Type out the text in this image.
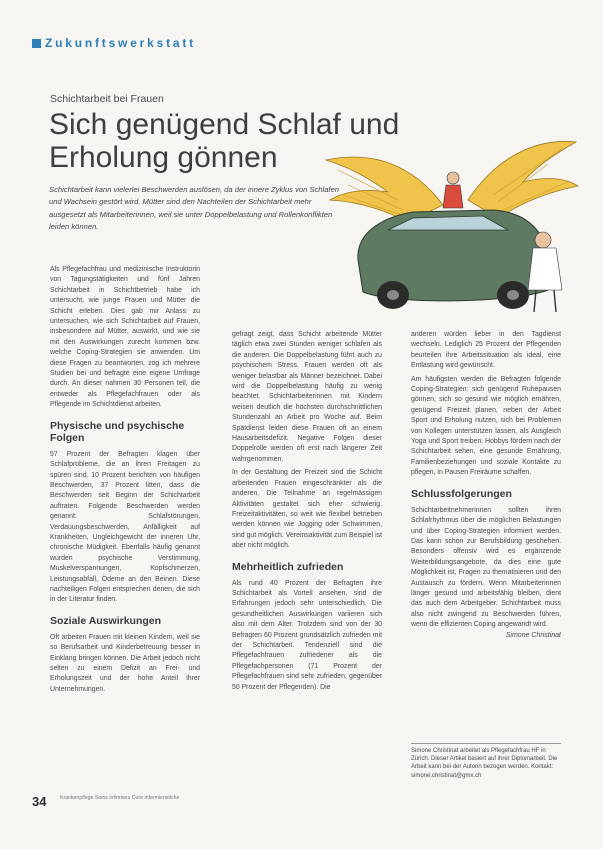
Zukunftswerkstatt
Schichtarbeit bei Frauen
Sich genügend Schlaf und Erholung gönnen

Schichtarbeit kann vielerlei Beschwerden auslösen, da der innere Zyklus von Schlafen und Wachsein gestört wird. Mütter sind den Nachteilen der Schichtarbeit mehr ausgesetzt als Mitarbeiterinnen, weil sie unter Doppelbelastung und Rollenkonflikten leiden können.

Als Pflegefachfrau und medizinische Instruktorin von Tagungstätigkeiten und fünf Jahren Schichtarbeit in Schichtbetrieb habe ich untersucht, wie junge Frauen und Mütter die Schicht erleben. Dies gab mir Anlass zu untersuchen, wie sich Schichtarbeit auf Frauen, insbesondere auf Mütter, auswirkt, und wie sie mit den Auswirkungen zurecht kommen bzw. welche Coping-Strategien sie anwenden. Um diese Fragen zu beantworten, zog ich mehrere Studien bei und befragte eine eigene Umfrage durch. An dieser nahmen 30 Personen teil, die entweder als Pflegefachfrauen oder als Pflegende im Schichtdienst arbeiten.

Physische und psychische Folgen

57 Prozent der Befragten klagen über Schlafprobleme, die an ihren Freitagen zu spüren sind. 10 Prozent berichten von häufigen Beschwerden, 37 Prozent litten, dass die Beschwerden seit Beginn der Schichtarbeit auftraten. Folgende Beschwerden werden genannt: Schlafstörungen, Verdauungsbeschwerden, Anfälligkeit auf Krankheiten, Ungleichgewicht der inneren Uhr, chronische Müdigkeit. Ebenfalls häufig genannt wurden psychische Verstimmung, Muskelverspannungen, Kopfschmerzen, Leistungsabfall, Ödeme an den Beinen. Diese nachteiligen Folgen entsprechen denen, die sich in der Literatur finden.

Soziale Auswirkungen

Oft arbeiten Frauen mit kleinen Kindern, weil sie so Berufsarbeit und Kinderbetreuung besser in Einklang bringen können. Die Arbeit jedoch nicht selten zu einem Defizit an Frei- und Erholungszeit und der hohe Anteil ihrer Unternehmungen.

gefragt zeigt, dass Schicht arbeitende Mütter täglich etwa zwei Stunden weniger schlafen als die anderen. Die Doppelbelastung führt auch zu psychischem Stress. Frauen werden oft als weniger belastbar als Männer bezeichnet. Dabei wird die Doppelbelastung häufig zu wenig beachtet. Schichtarbeiterinnen mit Kindern weisen deutlich die höchsten durchschnittlichen Stundenzahl an Arbeit pro Woche auf. Beim Spätdienst leiden diese Frauen oft an einem Hausarbeitsdefizit. Negative Folgen dieser Doppelrolle werden oft erst nach längerer Zeit wahrgenommen.

In der Gestaltung der Freizeit sind die Schicht arbeitenden Frauen eingeschränkter als die anderen. Die Teilnahme an regelmässigen Aktivitäten gestaltet sich eher schwierig. Freizeitaktivitäten, so weit wie flexibel betrieben werden können wie Jogging oder Schwimmen, sind gut möglich. Vereinsaktivität zum Beispiel ist aber nicht möglich.

Mehrheitlich zufrieden

Als rund 40 Prozent der Befragten ihre Schichtarbeit als Vorteil ansehen, sind die Erfahrungen jedoch sehr unterschiedlich. Die gesundheitlichen Auswirkungen variieren sich also mit dem Alter. Trotzdem sind von der 30 Befragten 60 Prozent grundsätzlich zufrieden mit der Schichtarbeit. Tendenziell sind die Pflegefachfrauen zufriedener als die Pflegefachpersonen (71 Prozent der Pflegefachfrauen sind sehr zufrieden, gegenüber 50 Prozent der Pflegenden). Die

anderen würden lieber in den Tagdienst wechseln. Lediglich 25 Prozent der Pflegenden beurteilen ihre Arbeitssituation als ideal, eine Entlastung wird gewünscht.

Am häufigsten werden die Befragten folgende Coping-Strategien: sich genügend Ruhepausen gönnen, sich so gesund wie möglich ernähren, genügend Freizeit planen, neben der Arbeit Sport und Erholung nutzen, sich bei Problemen von Kollegen unterstützen lassen, als Ausgleich Yoga und Sport treiben. Hobbys fördern nach der Schichtarbeit sehen, eine gesunde Ernährung, Familienbeziehungen und soziale Kontakte zu pflegen, in Pausen Freiräume schaffen.

Schlussfolgerungen

Schichtarbeitnehmerinnen sollten ihren Schlafrhythmus über die möglichen Belastungen und über Coping-Strategien informiert werden. Das kann schon zur Berufsbildung geschehen. Besonders offensiv wird es ergänzende Weiterbildungsangebote, da dies eine gute Möglichkeit ist, Fragen zu thematisieren und den Austausch zu fördern. Wenn Mitarbeiterinnen länger gesund und arbeitsfähig bleiben, dient das auch dem Arbeitgeber. Schichtarbeit muss also nicht zwingend zu Beschwerden führen, wenn die effizienten Coping angewandt wird.

Simone Christinat

Simone Christinat arbeitet als Pflegefachfrau HF in Zürich. Dieser Artikel basiert auf ihrer Diplomarbeit. Die Arbeit kann bei der Autorin bezogen werden. Kontakt: simone.christinat@gmx.ch
34	Krankenpflege Soins infirmiers Cure infermieristiche
